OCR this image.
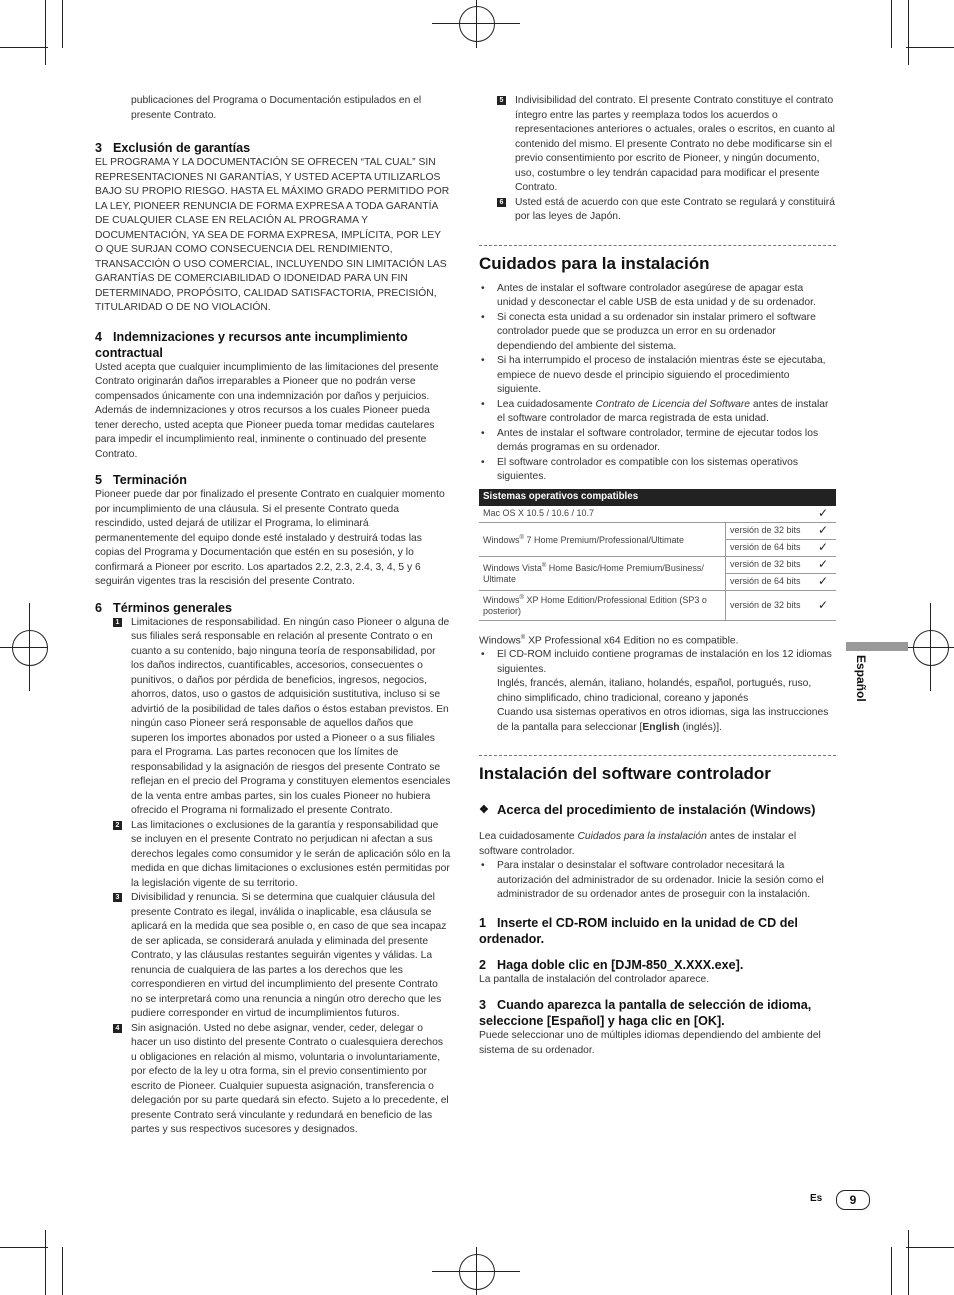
publicaciones del Programa o Documentación estipulados en el presente Contrato.

3 Exclusión de garantías

EL PROGRAMA Y LA DOCUMENTACIÓN SE OFRECEN “TAL CUAL” SIN REPRESENTACIONES NI GARANTÍAS, Y USTED ACEPTA UTILIZARLOS BAJO SU PROPIO RIESGO. HASTA EL MÁXIMO GRADO PERMITIDO POR LA LEY, PIONEER RENUNCIA DE FORMA EXPRESA A TODA GARANTÍA DE CUALQUIER CLASE EN RELACIÓN AL PROGRAMA Y DOCUMENTACIÓN, YA SEA DE FORMA EXPRESA, IMPLÍCITA, POR LEY O QUE SURJAN COMO CONSECUENCIA DEL RENDIMIENTO, TRANSACCIÓN O USO COMERCIAL, INCLUYENDO SIN LIMITACIÓN LAS GARANTÍAS DE COMERCIABILIDAD O IDONEIDAD PARA UN FIN DETERMINADO, PROPÓSITO, CALIDAD SATISFACTORIA, PRECISIÓN, TITULARIDAD O DE NO VIOLACIÓN.

4 Indemnizaciones y recursos ante incumplimiento contractual

Usted acepta que cualquier incumplimiento de las limitaciones del presente Contrato originarán daños irreparables a Pioneer que no podrán verse compensados únicamente con una indemnización por daños y perjuicios. Además de indemnizaciones y otros recursos a los cuales Pioneer pueda tener derecho, usted acepta que Pioneer pueda tomar medidas cautelares para impedir el incumplimiento real, inminente o continuado del presente Contrato.

5 Terminación

Pioneer puede dar por finalizado el presente Contrato en cualquier momento por incumplimiento de una cláusula. Si el presente Contrato queda rescindido, usted dejará de utilizar el Programa, lo eliminará permanentemente del equipo donde esté instalado y destruirá todas las copias del Programa y Documentación que estén en su posesión, y lo confirmará a Pioneer por escrito. Los apartados 2.2, 2.3, 2.4, 3, 4, 5 y 6 seguirán vigentes tras la rescisión del presente Contrato.

6 Términos generales
1 Limitaciones de responsabilidad. En ningún caso Pioneer o alguna de sus filiales será responsable en relación al presente Contrato o en cuanto a su contenido, bajo ninguna teoría de responsabilidad, por los daños indirectos, cuantificables, accesorios, consecuentes o punitivos, o daños por pérdida de beneficios, ingresos, negocios, ahorros, datos, uso o gastos de adquisición sustitutiva, incluso si se advirtió de la posibilidad de tales daños o éstos estaban previstos. En ningún caso Pioneer será responsable de aquellos daños que superen los importes abonados por usted a Pioneer o a sus filiales para el Programa. Las partes reconocen que los límites de responsabilidad y la asignación de riesgos del presente Contrato se reflejan en el precio del Programa y constituyen elementos esenciales de la venta entre ambas partes, sin los cuales Pioneer no hubiera ofrecido el Programa ni formalizado el presente Contrato.
2 Las limitaciones o exclusiones de la garantía y responsabilidad que se incluyen en el presente Contrato no perjudican ni afectan a sus derechos legales como consumidor y le serán de aplicación sólo en la medida en que dichas limitaciones o exclusiones estén permitidas por la legislación vigente de su territorio.
3 Divisibilidad y renuncia. Si se determina que cualquier cláusula del presente Contrato es ilegal, inválida o inaplicable, esa cláusula se aplicará en la medida que sea posible o, en caso de que sea incapaz de ser aplicada, se considerará anulada y eliminada del presente Contrato, y las cláusulas restantes seguirán vigentes y válidas. La renuncia de cualquiera de las partes a los derechos que les correspondieren en virtud del incumplimiento del presente Contrato no se interpretará como una renuncia a ningún otro derecho que les pudiere corresponder en virtud de incumplimientos futuros.
4 Sin asignación. Usted no debe asignar, vender, ceder, delegar o hacer un uso distinto del presente Contrato o cualesquiera derechos u obligaciones en relación al mismo, voluntaria o involuntariamente, por efecto de la ley u otra forma, sin el previo consentimiento por escrito de Pioneer. Cualquier supuesta asignación, transferencia o delegación por su parte quedará sin efecto. Sujeto a lo precedente, el presente Contrato será vinculante y redundará en beneficio de las partes y sus respectivos sucesores y designados.
5 Indivisibilidad del contrato. El presente Contrato constituye el contrato íntegro entre las partes y reemplaza todos los acuerdos o representaciones anteriores o actuales, orales o escritos, en cuanto al contenido del mismo. El presente Contrato no debe modificarse sin el previo consentimiento por escrito de Pioneer, y ningún documento, uso, costumbre o ley tendrán capacidad para modificar el presente Contrato.
6 Usted está de acuerdo con que este Contrato se regulará y constituirá por las leyes de Japón.
Cuidados para la instalación
• Antes de instalar el software controlador asegúrese de apagar esta unidad y desconectar el cable USB de esta unidad y de su ordenador.
• Si conecta esta unidad a su ordenador sin instalar primero el software controlador puede que se produzca un error en su ordenador dependiendo del ambiente del sistema.
• Si ha interrumpido el proceso de instalación mientras éste se ejecutaba, empiece de nuevo desde el principio siguiendo el procedimiento siguiente.
• Lea cuidadosamente Contrato de Licencia del Software antes de instalar el software controlador de marca registrada de esta unidad.
• Antes de instalar el software controlador, termine de ejecutar todos los demás programas en su ordenador.
• El software controlador es compatible con los sistemas operativos siguientes.
Sistemas operativos compatibles		
Mac OS X 10.5 / 10.6 / 10.7		✓
Windows® 7 Home Premium/Professional/Ultimate	versión de 32 bits	✓
	versión de 64 bits	✓
Windows Vista® Home Basic/Home Premium/Business/ Ultimate	versión de 32 bits	✓
	versión de 64 bits	✓
Windows® XP Home Edition/Professional Edition (SP3 o posterior)	versión de 32 bits	✓

Windows® XP Professional x64 Edition no es compatible.

• El CD-ROM incluido contiene programas de instalación en los 12 idiomas siguientes.

Inglés, francés, alemán, italiano, holandés, español, portugués, ruso, chino simplificado, chino tradicional, coreano y japonés

Cuando usa sistemas operativos en otros idiomas, siga las instrucciones de la pantalla para seleccionar [English (inglés)].

Instalación del software controlador
❖ Acerca del procedimiento de instalación (Windows)

Lea cuidadosamente Cuidados para la instalación antes de instalar el software controlador.

• Para instalar o desinstalar el software controlador necesitará la autorización del administrador de su ordenador. Inicie la sesión como el administrador de su ordenador antes de proseguir con la instalación.
1 Inserte el CD-ROM incluido en la unidad de CD del ordenador.
2 Haga doble clic en [DJM-850_X.XXX.exe].

La pantalla de instalación del controlador aparece.

3 Cuando aparezca la pantalla de selección de idioma, seleccione [Español] y haga clic en [OK].

Puede seleccionar uno de múltiples idiomas dependiendo del ambiente del sistema de su ordenador.

Español
Es	9
